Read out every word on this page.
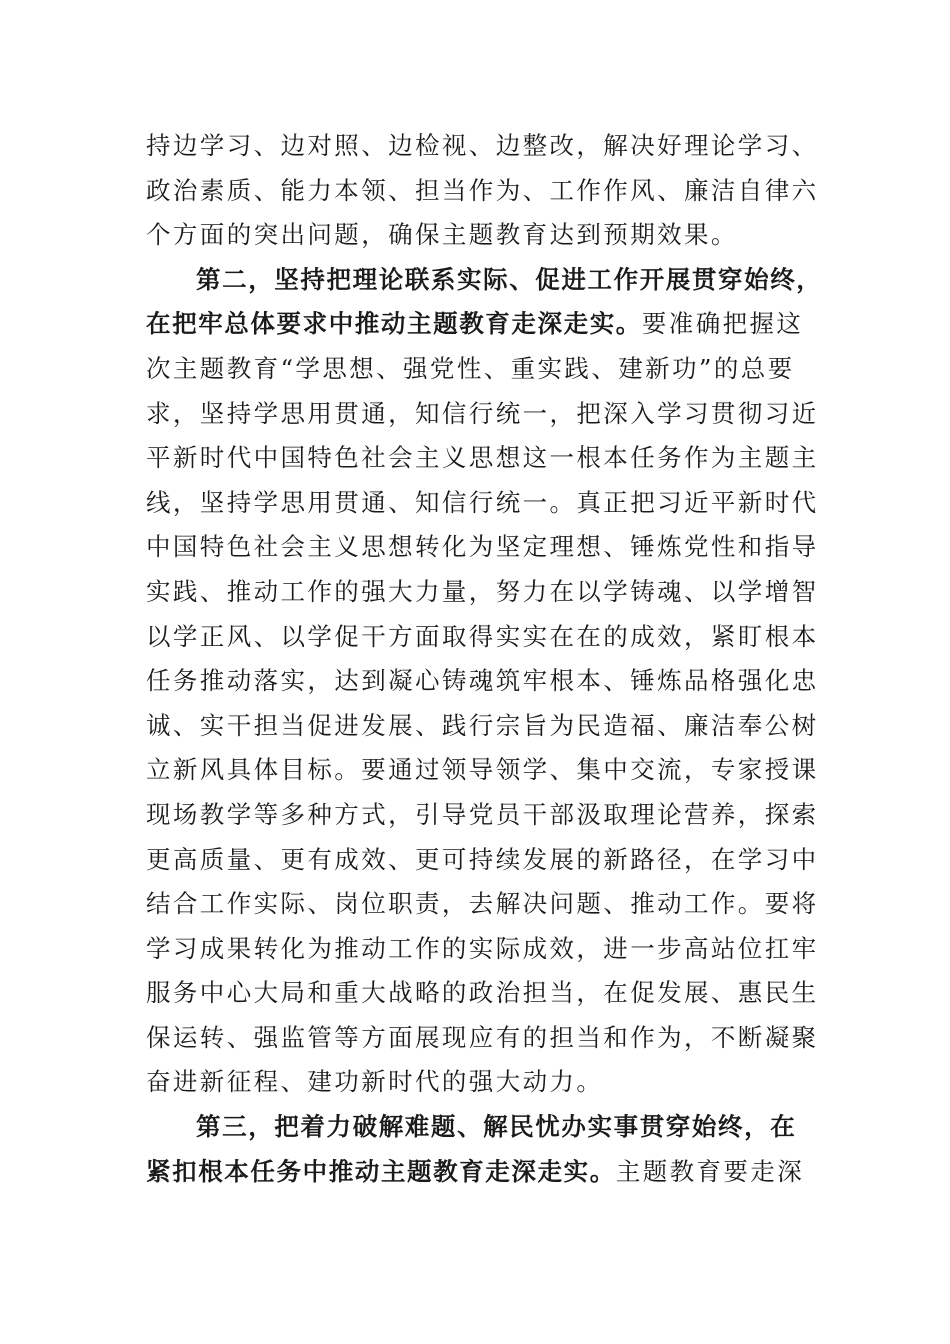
持边学习、边对照、边检视、边整改，解决好理论学习、
政治素质、能力本领、担当作为、工作作风、廉洁自律六
个方面的突出问题，确保主题教育达到预期效果。
第二，坚持把理论联系实际、促进工作开展贯穿始终，
在把牢总体要求中推动主题教育走深走实。要准确把握这
次主题教育“学思想、强党性、重实践、建新功”的总要
求，坚持学思用贯通，知信行统一，把深入学习贯彻习近
平新时代中国特色社会主义思想这一根本任务作为主题主
线，坚持学思用贯通、知信行统一。真正把习近平新时代
中国特色社会主义思想转化为坚定理想、锤炼党性和指导
实践、推动工作的强大力量，努力在以学铸魂、以学增智
以学正风、以学促干方面取得实实在在的成效，紧盯根本
任务推动落实，达到凝心铸魂筑牢根本、锤炼品格强化忠
诚、实干担当促进发展、践行宗旨为民造福、廉洁奉公树
立新风具体目标。要通过领导领学、集中交流，专家授课
现场教学等多种方式，引导党员干部汲取理论营养，探索
更高质量、更有成效、更可持续发展的新路径，在学习中
结合工作实际、岗位职责，去解决问题、推动工作。要将
学习成果转化为推动工作的实际成效，进一步高站位扛牢
服务中心大局和重大战略的政治担当，在促发展、惠民生
保运转、强监管等方面展现应有的担当和作为，不断凝聚
奋进新征程、建功新时代的强大动力。
第三，把着力破解难题、解民忧办实事贯穿始终，在
紧扣根本任务中推动主题教育走深走实。主题教育要走深
